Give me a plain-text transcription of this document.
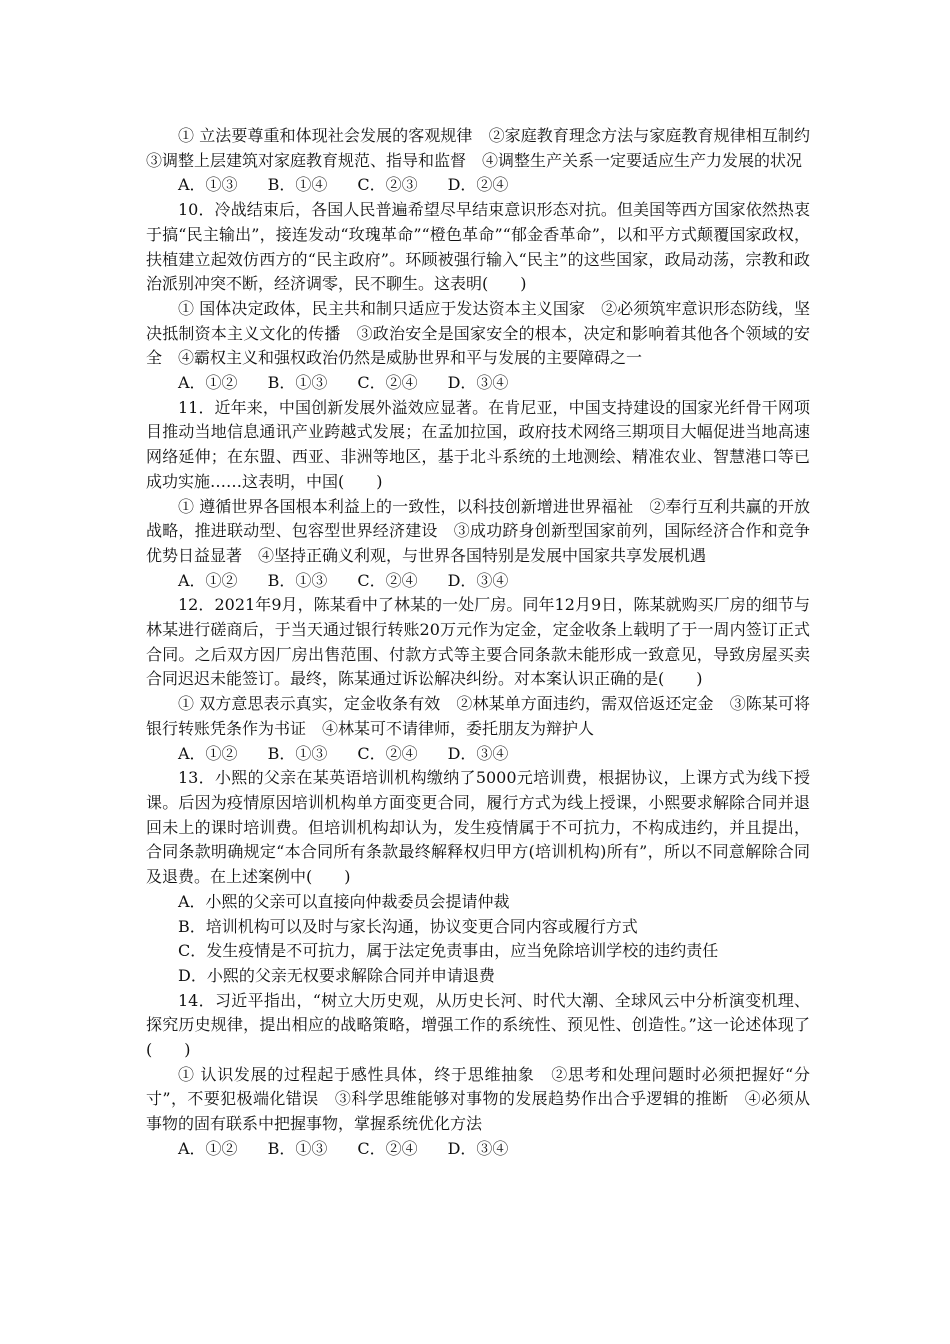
① 立法要尊重和体现社会发展的客观规律　②家庭教育理念方法与家庭教育规律相互制约　③调整上层建筑对家庭教育规范、指导和监督　④调整生产关系一定要适应生产力发展的状况

A．①③ B．①④ C．②③ D．②④

10．冷战结束后，各国人民普遍希望尽早结束意识形态对抗。但美国等西方国家依然热衷于搞“民主输出”，接连发动“玫瑰革命”“橙色革命”“郁金香革命”，以和平方式颠覆国家政权，扶植建立起效仿西方的“民主政府”。环顾被强行输入“民主”的这些国家，政局动荡，宗教和政治派别冲突不断，经济调零，民不聊生。这表明(　　)

① 国体决定政体，民主共和制只适应于发达资本主义国家　②必须筑牢意识形态防线，坚决抵制资本主义文化的传播　③政治安全是国家安全的根本，决定和影响着其他各个领域的安全　④霸权主义和强权政治仍然是威胁世界和平与发展的主要障碍之一

A．①② B．①③ C．②④ D．③④

11．近年来，中国创新发展外溢效应显著。在肯尼亚，中国支持建设的国家光纤骨干网项目推动当地信息通讯产业跨越式发展；在孟加拉国，政府技术网络三期项目大幅促进当地高速网络延伸；在东盟、西亚、非洲等地区，基于北斗系统的土地测绘、精准农业、智慧港口等已成功实施……这表明，中国(　　)

① 遵循世界各国根本利益上的一致性，以科技创新增进世界福祉　②奉行互利共赢的开放战略，推进联动型、包容型世界经济建设　③成功跻身创新型国家前列，国际经济合作和竞争优势日益显著　④坚持正确义利观，与世界各国特别是发展中国家共享发展机遇

A．①② B．①③ C．②④ D．③④

12．2021年9月，陈某看中了林某的一处厂房。同年12月9日，陈某就购买厂房的细节与林某进行磋商后，于当天通过银行转账20万元作为定金，定金收条上载明了于一周内签订正式合同。之后双方因厂房出售范围、付款方式等主要合同条款未能形成一致意见，导致房屋买卖合同迟迟未能签订。最终，陈某通过诉讼解决纠纷。对本案认识正确的是(　　)

① 双方意思表示真实，定金收条有效　②林某单方面违约，需双倍返还定金　③陈某可将银行转账凭条作为书证　④林某可不请律师，委托朋友为辩护人

A．①② B．①③ C．②④ D．③④

13．小熙的父亲在某英语培训机构缴纳了5000元培训费，根据协议，上课方式为线下授课。后因为疫情原因培训机构单方面变更合同，履行方式为线上授课，小熙要求解除合同并退回未上的课时培训费。但培训机构却认为，发生疫情属于不可抗力，不构成违约，并且提出，合同条款明确规定“本合同所有条款最终解释权归甲方(培训机构)所有”，所以不同意解除合同及退费。在上述案例中(　　)

A．小熙的父亲可以直接向仲裁委员会提请仲裁

B．培训机构可以及时与家长沟通，协议变更合同内容或履行方式

C．发生疫情是不可抗力，属于法定免责事由，应当免除培训学校的违约责任

D．小熙的父亲无权要求解除合同并申请退费

14．习近平指出，“树立大历史观，从历史长河、时代大潮、全球风云中分析演变机理、探究历史规律，提出相应的战略策略，增强工作的系统性、预见性、创造性。”这一论述体现了(　　)

① 认识发展的过程起于感性具体，终于思维抽象　②思考和处理问题时必须把握好“分寸”，不要犯极端化错误　③科学思维能够对事物的发展趋势作出合乎逻辑的推断　④必须从事物的固有联系中把握事物，掌握系统优化方法

A．①② B．①③ C．②④ D．③④
